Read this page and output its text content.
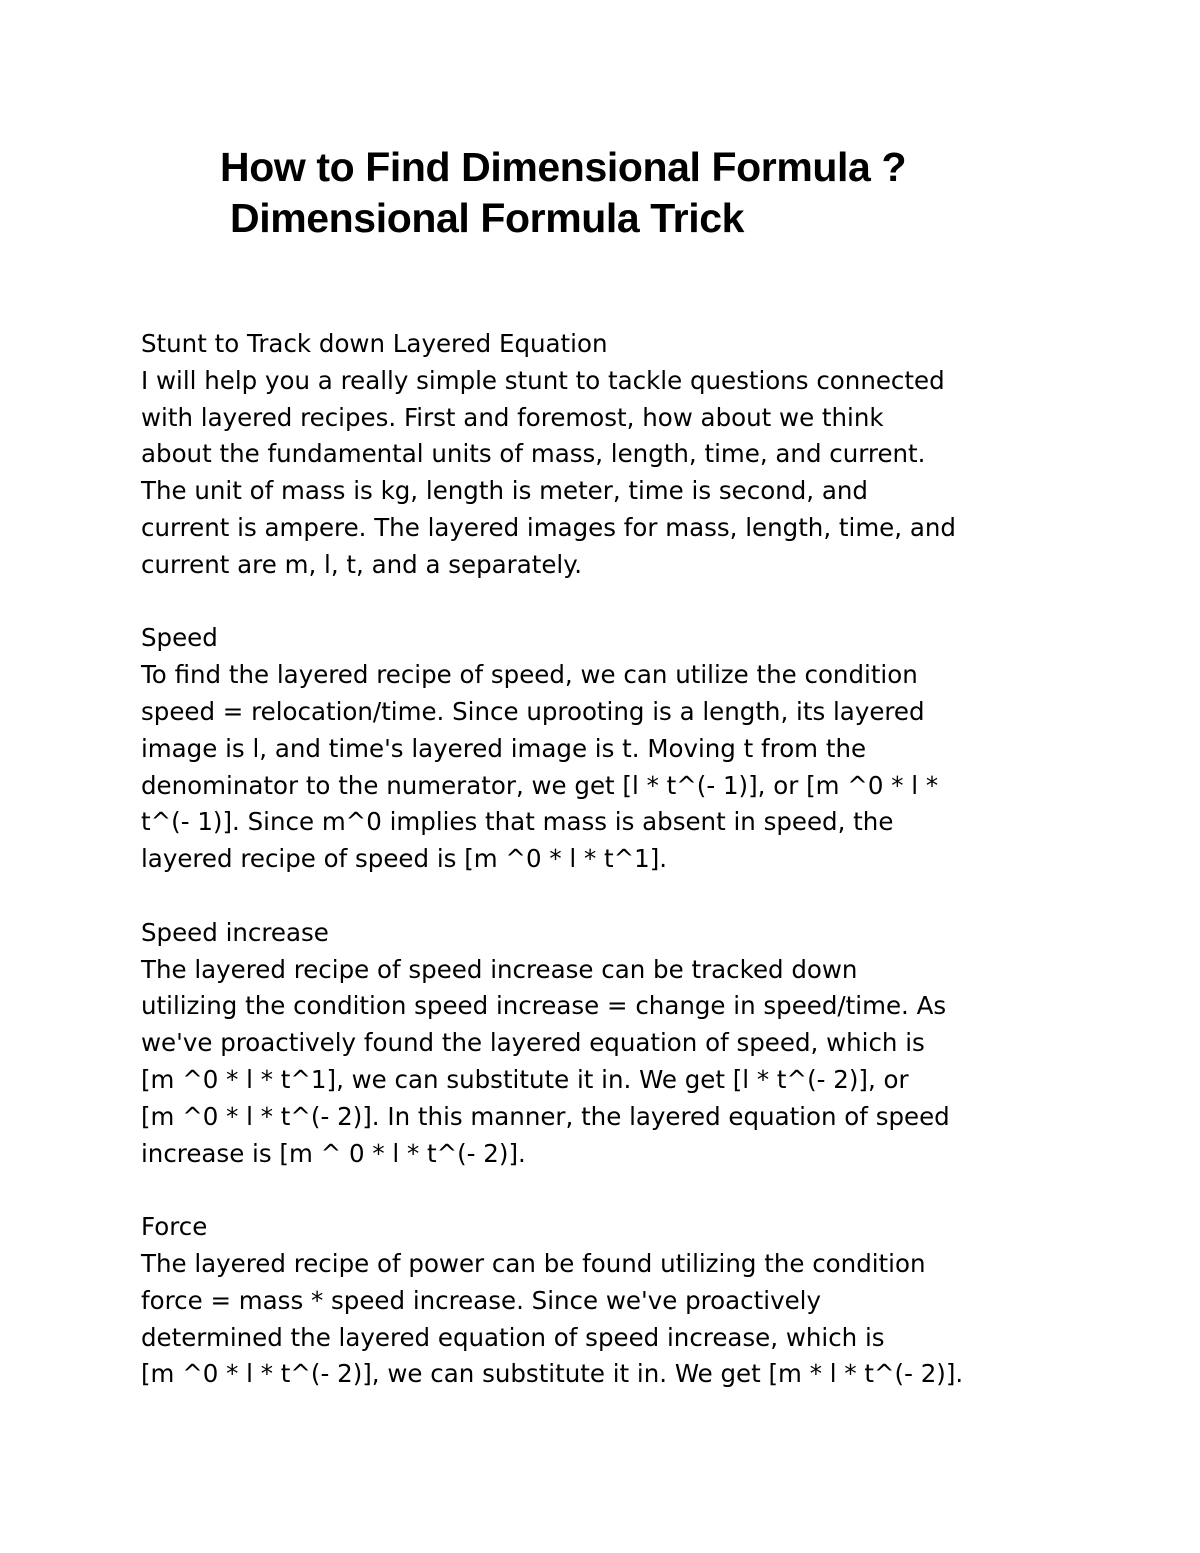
How to Find Dimensional Formula ?
Dimensional Formula Trick
Stunt to Track down Layered Equation

I will help you a really simple stunt to tackle questions connected
with layered recipes. First and foremost, how about we think
about the fundamental units of mass, length, time, and current.
The unit of mass is kg, length is meter, time is second, and
current is ampere. The layered images for mass, length, time, and
current are m, l, t, and a separately.

Speed

To find the layered recipe of speed, we can utilize the condition
speed = relocation/time. Since uprooting is a length, its layered
image is l, and time's layered image is t. Moving t from the
denominator to the numerator, we get [l * t^(- 1)], or [m ^0 * l *
t^(- 1)]. Since m^0 implies that mass is absent in speed, the
layered recipe of speed is [m ^0 * l * t^1].

Speed increase

The layered recipe of speed increase can be tracked down
utilizing the condition speed increase = change in speed/time. As
we've proactively found the layered equation of speed, which is
[m ^0 * l * t^1], we can substitute it in. We get [l * t^(- 2)], or
[m ^0 * l * t^(- 2)]. In this manner, the layered equation of speed
increase is [m ^ 0 * l * t^(- 2)].

Force

The layered recipe of power can be found utilizing the condition
force = mass * speed increase. Since we've proactively
determined the layered equation of speed increase, which is
[m ^0 * l * t^(- 2)], we can substitute it in. We get [m * l * t^(- 2)].
